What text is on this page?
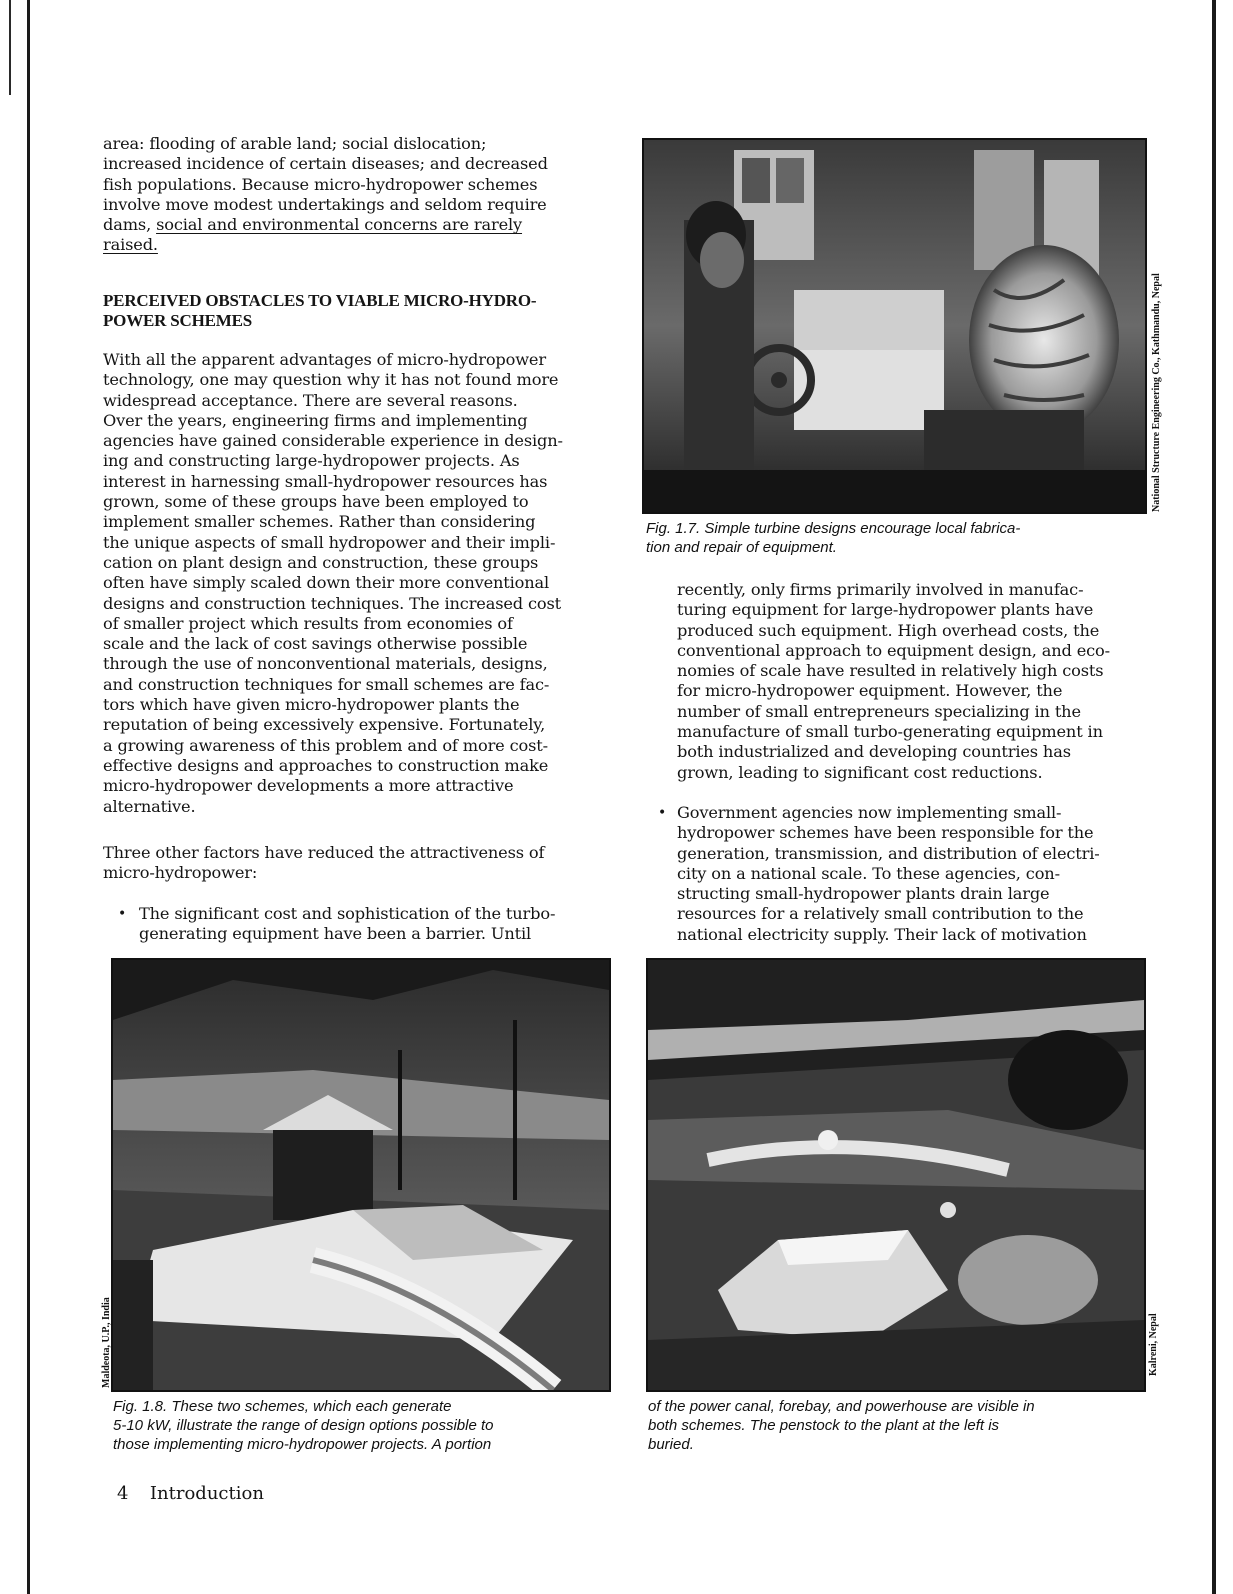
area: flooding of arable land; social dislocation;

increased incidence of certain diseases; and decreased

fish populations. Because micro-hydropower schemes

involve move modest undertakings and seldom require

dams, social and environmental concerns are rarely

raised.

PERCEIVED OBSTACLES TO VIABLE MICRO-HYDRO-

POWER SCHEMES

With all the apparent advantages of micro-hydropower

technology, one may question why it has not found more

widespread acceptance. There are several reasons.

Over the years, engineering firms and implementing

agencies have gained considerable experience in design-

ing and constructing large-hydropower projects. As

interest in harnessing small-hydropower resources has

grown, some of these groups have been employed to

implement smaller schemes. Rather than considering

the unique aspects of small hydropower and their impli-

cation on plant design and construction, these groups

often have simply scaled down their more conventional

designs and construction techniques. The increased cost

of smaller project which results from economies of

scale and the lack of cost savings otherwise possible

through the use of nonconventional materials, designs,

and construction techniques for small schemes are fac-

tors which have given micro-hydropower plants the

reputation of being excessively expensive. Fortunately,

a growing awareness of this problem and of more cost-

effective designs and approaches to construction make

micro-hydropower developments a more attractive

alternative.

Three other factors have reduced the attractiveness of

micro-hydropower:

• The significant cost and sophistication of the turbo-

generating equipment have been a barrier. Until

National Structure Engineering Co., Kathmandu, Nepal

Fig. 1.7. Simple turbine designs encourage local fabrica-

tion and repair of equipment.

recently, only firms primarily involved in manufac-

turing equipment for large-hydropower plants have

produced such equipment. High overhead costs, the

conventional approach to equipment design, and eco-

nomies of scale have resulted in relatively high costs

for micro-hydropower equipment. However, the

number of small entrepreneurs specializing in the

manufacture of small turbo-generating equipment in

both industrialized and developing countries has

grown, leading to significant cost reductions.

• Government agencies now implementing small-

hydropower schemes have been responsible for the

generation, transmission, and distribution of electri-

city on a national scale. To these agencies, con-

structing small-hydropower plants drain large

resources for a relatively small contribution to the

national electricity supply. Their lack of motivation

Maldeota, U.P., India	Kalreni, Nepal

Fig. 1.8. These two schemes, which each generate

5-10 kW, illustrate the range of design options possible to

those implementing micro-hydropower projects. A portion

of the power canal, forebay, and powerhouse are visible in

both schemes. The penstock to the plant at the left is

buried.

4 Introduction
